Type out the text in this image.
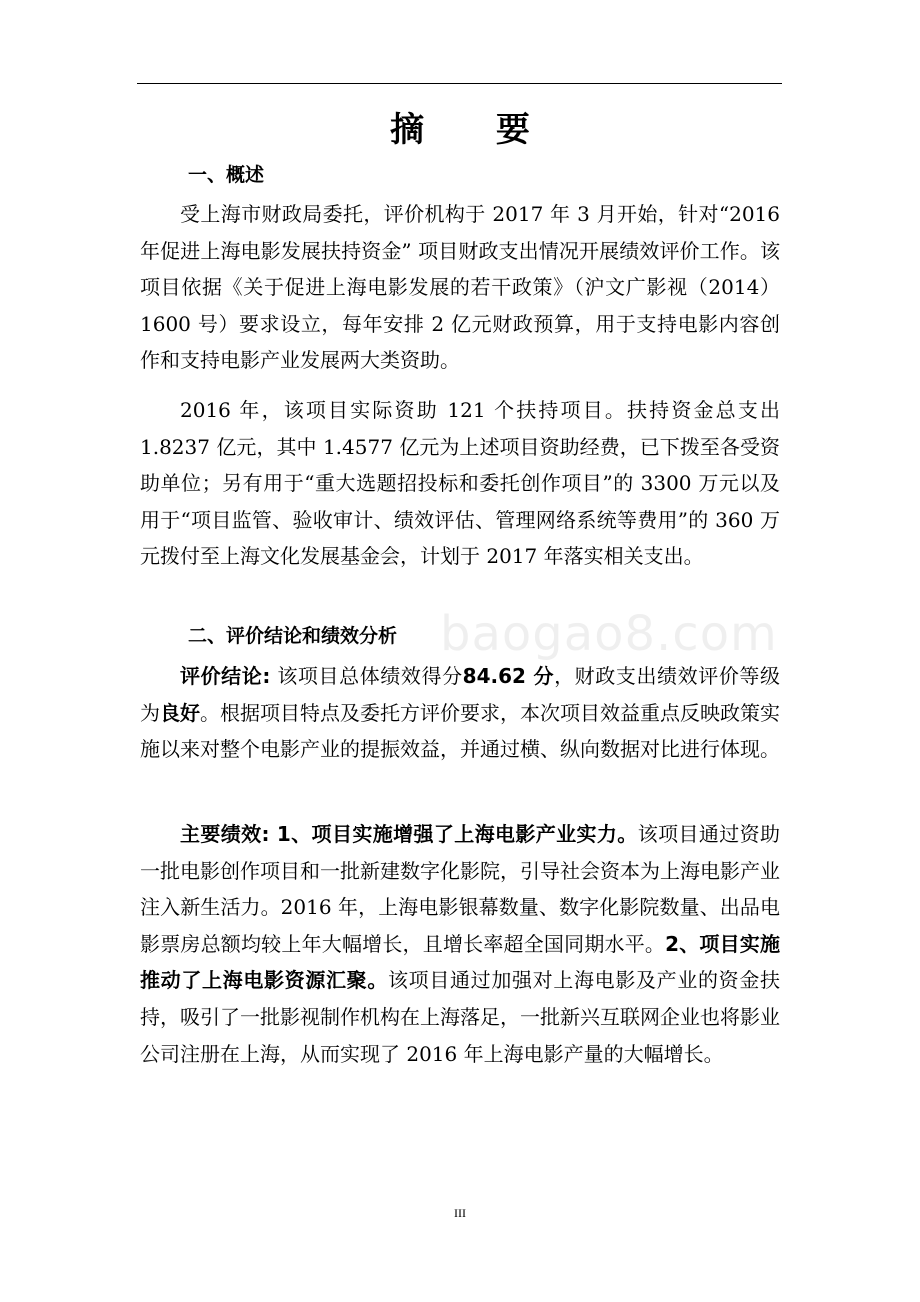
摘 要
一、概述

受上海市财政局委托，评价机构于 2017 年 3 月开始，针对“2016 年促进上海电影发展扶持资金” 项目财政支出情况开展绩效评价工作。该项目依据《关于促进上海电影发展的若干政策》（沪文广影视（2014）1600 号）要求设立，每年安排 2 亿元财政预算，用于支持电影内容创作和支持电影产业发展两大类资助。

2016 年，该项目实际资助 121 个扶持项目。扶持资金总支出 1.8237 亿元，其中 1.4577 亿元为上述项目资助经费，已下拨至各受资助单位；另有用于“重大选题招投标和委托创作项目”的 3300 万元以及用于“项目监管、验收审计、绩效评估、管理网络系统等费用”的 360 万元拨付至上海文化发展基金会，计划于 2017 年落实相关支出。

baogao8.com
二、评价结论和绩效分析

评价结论: 该项目总体绩效得分84.62 分，财政支出绩效评价等级为良好。根据项目特点及委托方评价要求，本次项目效益重点反映政策实施以来对整个电影产业的提振效益，并通过横、纵向数据对比进行体现。

主要绩效: 1、项目实施增强了上海电影产业实力。该项目通过资助一批电影创作项目和一批新建数字化影院，引导社会资本为上海电影产业注入新生活力。2016 年，上海电影银幕数量、数字化影院数量、出品电影票房总额均较上年大幅增长，且增长率超全国同期水平。2、项目实施推动了上海电影资源汇聚。该项目通过加强对上海电影及产业的资金扶持，吸引了一批影视制作机构在上海落足，一批新兴互联网企业也将影业公司注册在上海，从而实现了 2016 年上海电影产量的大幅增长。

III
